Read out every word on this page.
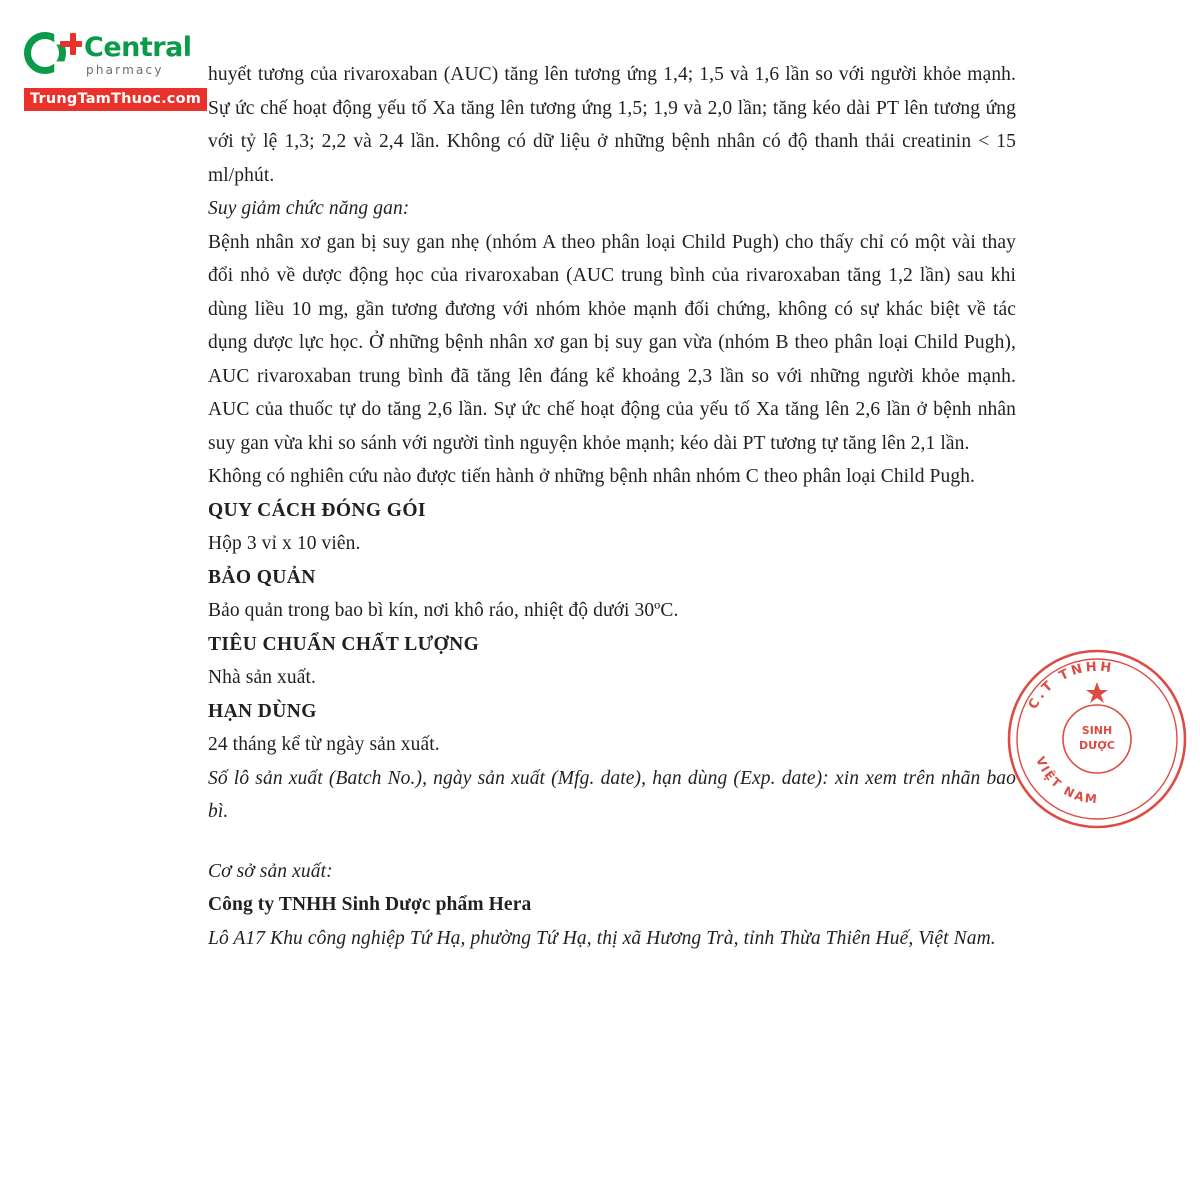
Central
pharmacy
TrungTamThuoc.com

huyết tương của rivaroxaban (AUC) tăng lên tương ứng 1,4; 1,5 và 1,6 lần so với người khỏe mạnh. Sự ức chế hoạt động yếu tố Xa tăng lên tương ứng 1,5; 1,9 và 2,0 lần; tăng kéo dài PT lên tương ứng với tỷ lệ 1,3; 2,2 và 2,4 lần. Không có dữ liệu ở những bệnh nhân có độ thanh thải creatinin < 15 ml/phút.

Suy giảm chức năng gan:

Bệnh nhân xơ gan bị suy gan nhẹ (nhóm A theo phân loại Child Pugh) cho thấy chỉ có một vài thay đổi nhỏ về dược động học của rivaroxaban (AUC trung bình của rivaroxaban tăng 1,2 lần) sau khi dùng liều 10 mg, gần tương đương với nhóm khỏe mạnh đối chứng, không có sự khác biệt về tác dụng dược lực học. Ở những bệnh nhân xơ gan bị suy gan vừa (nhóm B theo phân loại Child Pugh), AUC rivaroxaban trung bình đã tăng lên đáng kể khoảng 2,3 lần so với những người khỏe mạnh. AUC của thuốc tự do tăng 2,6 lần. Sự ức chế hoạt động của yếu tố Xa tăng lên 2,6 lần ở bệnh nhân suy gan vừa khi so sánh với người tình nguyện khỏe mạnh; kéo dài PT tương tự tăng lên 2,1 lần.

Không có nghiên cứu nào được tiến hành ở những bệnh nhân nhóm C theo phân loại Child Pugh.

QUY CÁCH ĐÓNG GÓI

Hộp 3 vỉ x 10 viên.

BẢO QUẢN

Bảo quản trong bao bì kín, nơi khô ráo, nhiệt độ dưới 30ºC.

TIÊU CHUẨN CHẤT LƯỢNG

Nhà sản xuất.

HẠN DÙNG

24 tháng kể từ ngày sản xuất.

Số lô sản xuất (Batch No.), ngày sản xuất (Mfg. date), hạn dùng (Exp. date): xin xem trên nhãn bao bì.

Cơ sở sản xuất:

Công ty TNHH Sinh Dược phẩm Hera

Lô A17 Khu công nghiệp Tứ Hạ, phường Tứ Hạ, thị xã Hương Trà, tỉnh Thừa Thiên Huế, Việt Nam.

C.T TNHH
VIỆT NAM
SINH
DƯỢC
